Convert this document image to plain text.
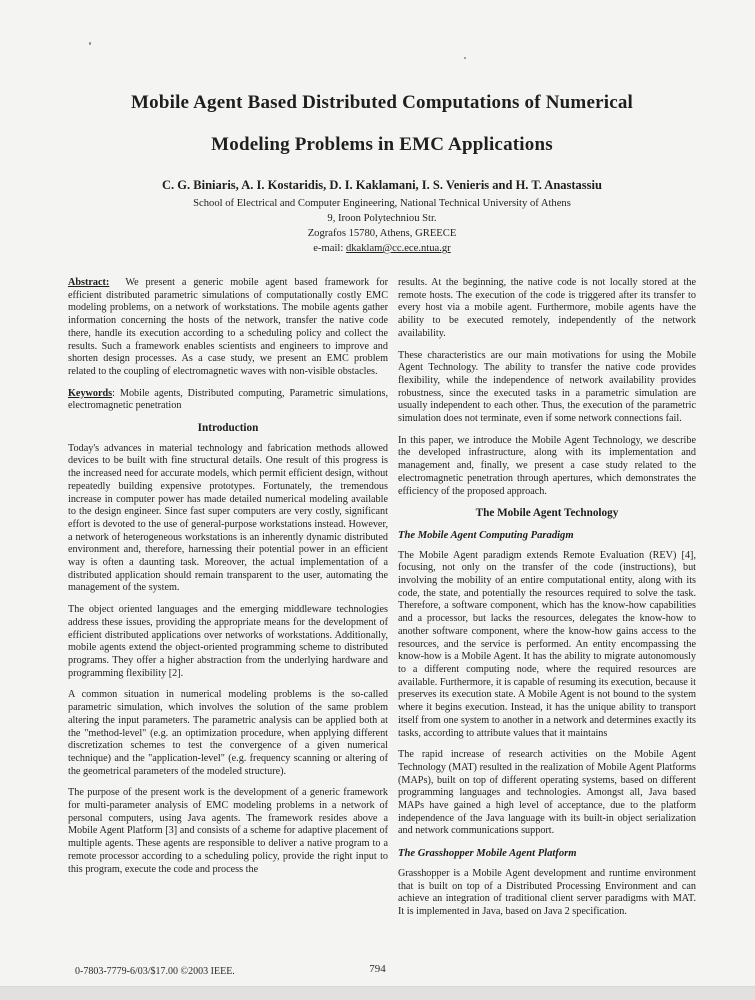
Mobile Agent Based Distributed Computations of Numerical
Modeling Problems in EMC Applications
C. G. Biniaris, A. I. Kostaridis, D. I. Kaklamani, I. S. Venieris and H. T. Anastassiu
School of Electrical and Computer Engineering, National Technical University of Athens
9, Iroon Polytechniou Str.
Zografos 15780, Athens, GREECE
e-mail: dkaklam@cc.ece.ntua.gr

Abstract: We present a generic mobile agent based framework for efficient distributed parametric simulations of computationally costly EMC modeling problems, on a network of workstations. The mobile agents gather information concerning the hosts of the network, transfer the native code there, handle its execution according to a scheduling policy and collect the results. Such a framework enables scientists and engineers to improve and shorten design processes. As a case study, we present an EMC problem related to the coupling of electromagnetic waves with non-visible obstacles.

Keywords: Mobile agents, Distributed computing, Parametric simulations, electromagnetic penetration

Introduction

Today's advances in material technology and fabrication methods allowed devices to be built with fine structural details. One result of this progress is the increased need for accurate models, which permit efficient design, without repeatedly building expensive prototypes. Fortunately, the tremendous increase in computer power has made detailed numerical modeling available to the design engineer. Since fast super computers are very costly, significant effort is devoted to the use of general-purpose workstations instead. However, a network of heterogeneous workstations is an inherently dynamic distributed environment and, therefore, harnessing their potential power in an efficient way is often a daunting task. Moreover, the actual implementation of a distributed application should remain transparent to the user, automating the management of the system.

The object oriented languages and the emerging middleware technologies address these issues, providing the appropriate means for the development of efficient distributed applications over networks of workstations. Additionally, mobile agents extend the object-oriented programming scheme to distributed programs. They offer a higher abstraction from the underlying hardware and programming flexibility [2].

A common situation in numerical modeling problems is the so-called parametric simulation, which involves the solution of the same problem altering the input parameters. The parametric analysis can be applied both at the "method-level" (e.g. an optimization procedure, when applying different discretization schemes to test the convergence of a given numerical technique) and the "application-level" (e.g. frequency scanning or altering of the geometrical parameters of the modeled structure).

The purpose of the present work is the development of a generic framework for multi-parameter analysis of EMC modeling problems in a network of personal computers, using Java agents. The framework resides above a Mobile Agent Platform [3] and consists of a scheme for adaptive placement of multiple agents. These agents are responsible to deliver a native program to a remote processor according to a scheduling policy, provide the right input to this program, execute the code and process the

results. At the beginning, the native code is not locally stored at the remote hosts. The execution of the code is triggered after its transfer to every host via a mobile agent. Furthermore, mobile agents have the ability to be executed remotely, independently of the network availability.

These characteristics are our main motivations for using the Mobile Agent Technology. The ability to transfer the native code provides flexibility, while the independence of network availability provides robustness, since the executed tasks in a parametric simulation are usually independent to each other. Thus, the execution of the parametric simulation does not terminate, even if some network connections fail.

In this paper, we introduce the Mobile Agent Technology, we describe the developed infrastructure, along with its implementation and management and, finally, we present a case study related to the electromagnetic penetration through apertures, which demonstrates the efficiency of the proposed approach.

The Mobile Agent Technology
The Mobile Agent Computing Paradigm

The Mobile Agent paradigm extends Remote Evaluation (REV) [4], focusing, not only on the transfer of the code (instructions), but involving the mobility of an entire computational entity, along with its code, the state, and potentially the resources required to solve the task. Therefore, a software component, which has the know-how capabilities and a processor, but lacks the resources, delegates the know-how to another software component, where the know-how gains access to the resources, and the service is performed. An entity encompassing the know-how is a Mobile Agent. It has the ability to migrate autonomously to a different computing node, where the required resources are available. Furthermore, it is capable of resuming its execution, because it preserves its execution state. A Mobile Agent is not bound to the system where it begins execution. Instead, it has the unique ability to transport itself from one system to another in a network and determines exactly its tasks, according to attribute values that it maintains

The rapid increase of research activities on the Mobile Agent Technology (MAT) resulted in the realization of Mobile Agent Platforms (MAPs), built on top of different operating systems, based on different programming languages and technologies. Amongst all, Java based MAPs have gained a high level of acceptance, due to the platform independence of the Java language with its built-in object serialization and network communications support.

The Grasshopper Mobile Agent Platform

Grasshopper is a Mobile Agent development and runtime environment that is built on top of a Distributed Processing Environment and can achieve an integration of traditional client server paradigms with MAT. It is implemented in Java, based on Java 2 specification.

0-7803-7779-6/03/$17.00 ©2003 IEEE.	794
